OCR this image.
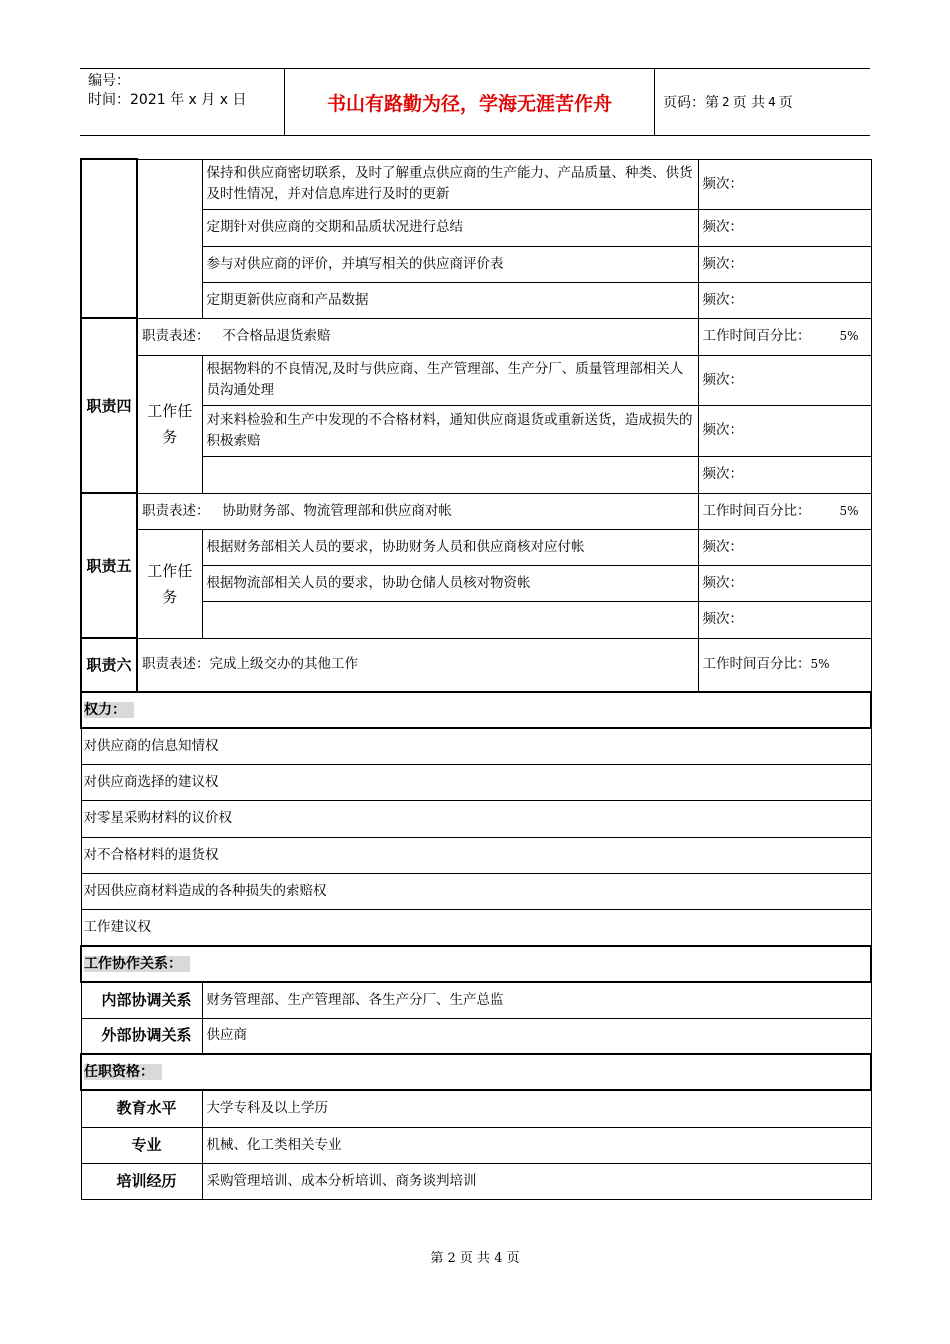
编号：
时间：2021 年 x 月 x 日	书山有路勤为径，学海无涯苦作舟	页码：第 2 页 共 4 页
		保持和供应商密切联系，及时了解重点供应商的生产能力、产品质量、种类、供货及时性情况，并对信息库进行及时的更新	频次：
		定期针对供应商的交期和品质状况进行总结	频次：
		参与对供应商的评价，并填写相关的供应商评价表	频次：
		定期更新供应商和产品数据	频次：
职责四	职责表述： 不合格品退货索赔		工作时间百分比： 5%

	工作任务	根据物料的不良情况,及时与供应商、生产管理部、生产分厂、质量管理部相关人员沟通处理	频次：
		对来料检验和生产中发现的不合格材料，通知供应商退货或重新送货，造成损失的积极索赔	频次：
			频次：
职责五	职责表述： 协助财务部、物流管理部和供应商对帐		工作时间百分比： 5%

	工作任务	根据财务部相关人员的要求，协助财务人员和供应商核对应付帐	频次：
		根据物流部相关人员的要求，协助仓储人员核对物资帐	频次：
			频次：
职责六	职责表述：完成上级交办的其他工作		工作时间百分比：5%
权力：			
对供应商的信息知情权			
对供应商选择的建议权			
对零星采购材料的议价权			
对不合格材料的退货权			
对因供应商材料造成的各种损失的索赔权			
工作建议权			
工作协作关系：			
内部协调关系		财务管理部、生产管理部、各生产分厂、生产总监	
外部协调关系		供应商	
任职资格：			
教育水平		大学专科及以上学历	
专业		机械、化工类相关专业	
培训经历		采购管理培训、成本分析培训、商务谈判培训	
第 2 页 共 4 页
